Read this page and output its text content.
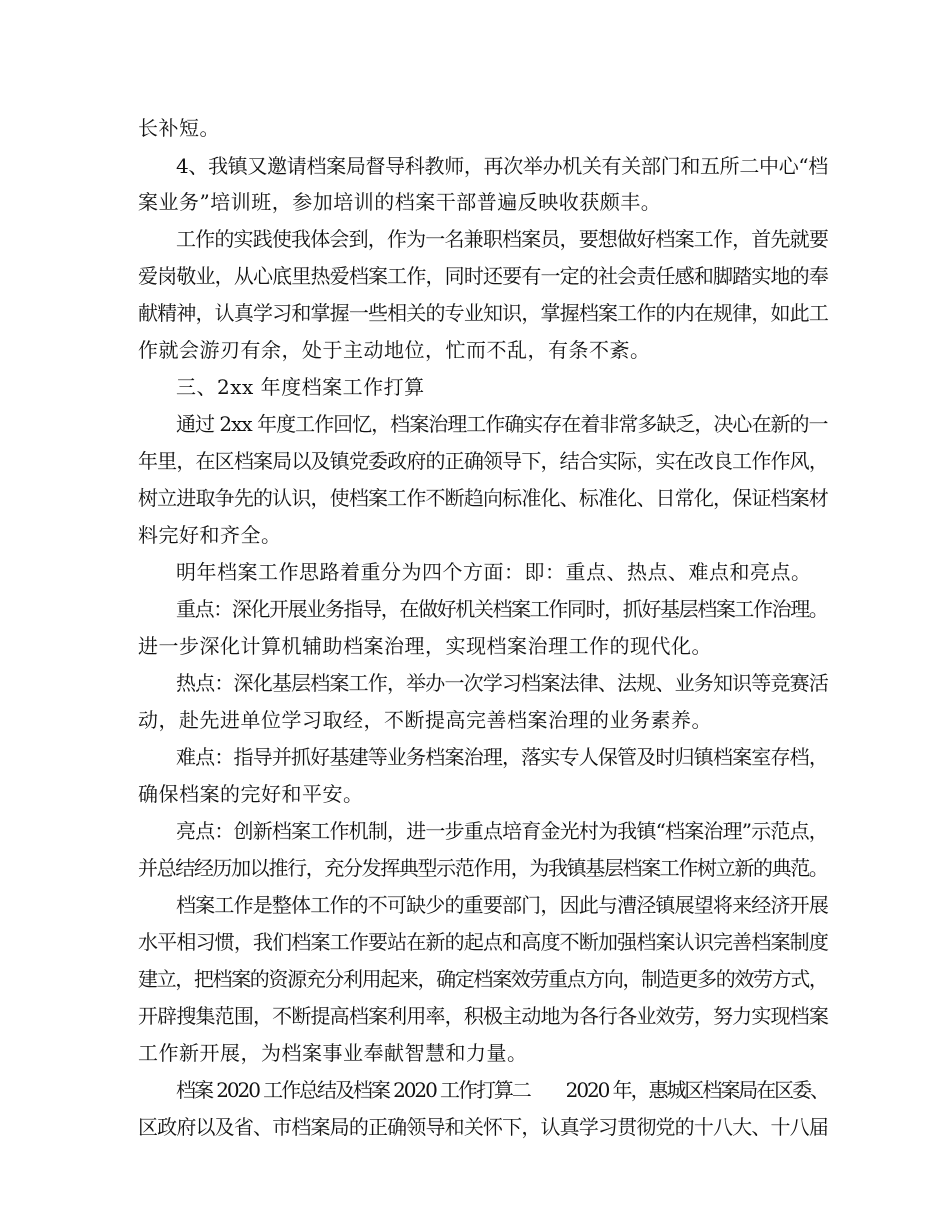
长补短。
4、我镇又邀请档案局督导科教师，再次举办机关有关部门和五所二中心“档
案业务”培训班，参加培训的档案干部普遍反映收获颇丰。
工作的实践使我体会到，作为一名兼职档案员，要想做好档案工作，首先就要
爱岗敬业，从心底里热爱档案工作，同时还要有一定的社会责任感和脚踏实地的奉
献精神，认真学习和掌握一些相关的专业知识，掌握档案工作的内在规律，如此工
作就会游刃有余，处于主动地位，忙而不乱，有条不紊。
三、2xx 年度档案工作打算
通过 2xx 年度工作回忆，档案治理工作确实存在着非常多缺乏，决心在新的一
年里，在区档案局以及镇党委政府的正确领导下，结合实际，实在改良工作作风，
树立进取争先的认识，使档案工作不断趋向标准化、标准化、日常化，保证档案材
料完好和齐全。
明年档案工作思路着重分为四个方面：即：重点、热点、难点和亮点。
重点：深化开展业务指导，在做好机关档案工作同时，抓好基层档案工作治理。
进一步深化计算机辅助档案治理，实现档案治理工作的现代化。
热点：深化基层档案工作，举办一次学习档案法律、法规、业务知识等竞赛活
动，赴先进单位学习取经，不断提高完善档案治理的业务素养。
难点：指导并抓好基建等业务档案治理，落实专人保管及时归镇档案室存档，
确保档案的完好和平安。
亮点：创新档案工作机制，进一步重点培育金光村为我镇“档案治理”示范点，
并总结经历加以推行，充分发挥典型示范作用，为我镇基层档案工作树立新的典范。
档案工作是整体工作的不可缺少的重要部门，因此与漕泾镇展望将来经济开展
水平相习惯，我们档案工作要站在新的起点和高度不断加强档案认识完善档案制度
建立，把档案的资源充分利用起来，确定档案效劳重点方向，制造更多的效劳方式，
开辟搜集范围，不断提高档案利用率，积极主动地为各行各业效劳，努力实现档案
工作新开展，为档案事业奉献智慧和力量。
档案 2020 工作总结及档案 2020 工作打算二　　2020 年，惠城区档案局在区委、
区政府以及省、市档案局的正确领导和关怀下，认真学习贯彻党的十八大、十八届
